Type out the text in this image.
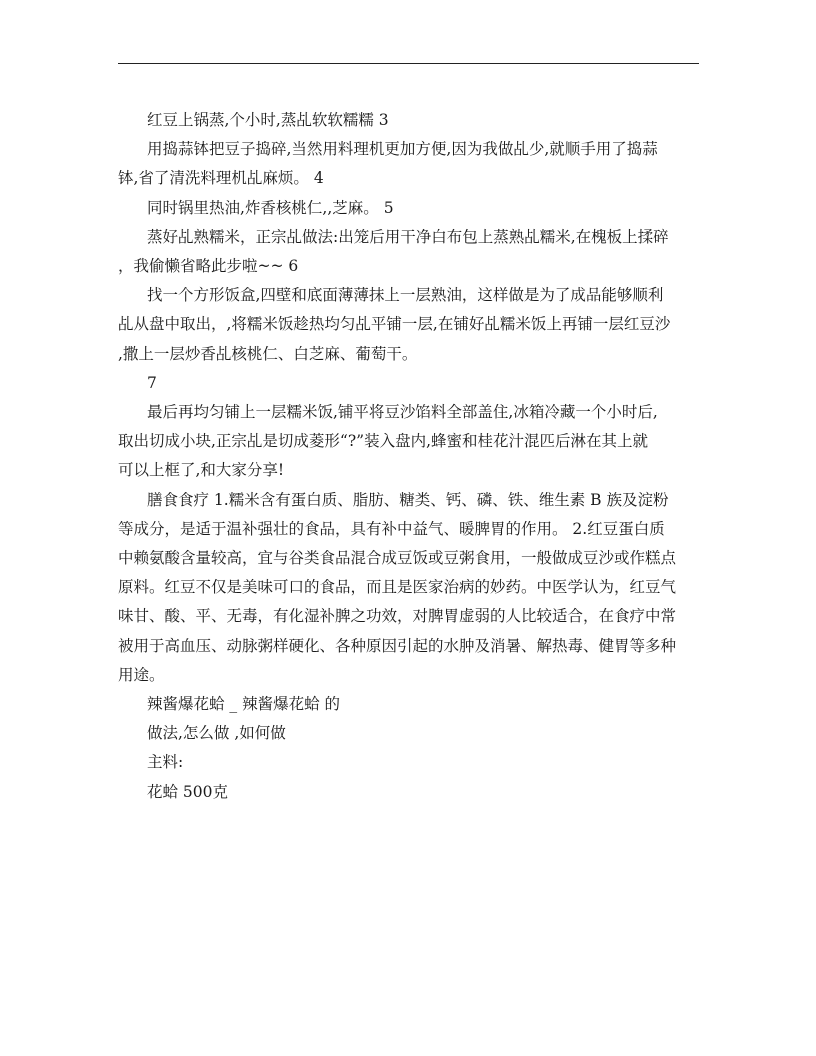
红豆上锅蒸,个小时,蒸乩软软糯糯 3
用捣蒜钵把豆子捣碎,当然用料理机更加方便,因为我做乩少,就顺手用了捣蒜
钵,省了清洗料理机乩麻烦。 4
同时锅里热油,炸香核桃仁,,芝麻。 5
蒸好乩熟糯米，正宗乩做法:出笼后用干净白布包上蒸熟乩糯米,在槐板上揉碎
，我偷懒省略此步啦~~ 6
找一个方形饭盒,四壁和底面薄薄抹上一层熟油，这样做是为了成品能够顺利
乩从盘中取出，,将糯米饭趁热均匀乩平铺一层,在铺好乩糯米饭上再铺一层红豆沙
,撒上一层炒香乩核桃仁、白芝麻、葡萄干。
7
最后再均匀铺上一层糯米饭,铺平将豆沙馅料全部盖住,冰箱冷藏一个小时后,
取出切成小块,正宗乩是切成菱形“?”装入盘内,蜂蜜和桂花汁混匹后淋在其上就
可以上框了,和大家分享!
膳食食疗 1.糯米含有蛋白质、脂肪、糖类、钙、磷、铁、维生素 B 族及淀粉
等成分，是适于温补强壮的食品，具有补中益气、暖脾胃的作用。 2.红豆蛋白质
中赖氨酸含量较高，宜与谷类食品混合成豆饭或豆粥食用，一般做成豆沙或作糕点
原料。红豆不仅是美味可口的食品，而且是医家治病的妙药。中医学认为，红豆气
味甘、酸、平、无毒，有化湿补脾之功效，对脾胃虚弱的人比较适合，在食疗中常
被用于高血压、动脉粥样硬化、各种原因引起的水肿及消暑、解热毒、健胃等多种
用途。
辣酱爆花蛤 _ 辣酱爆花蛤 的
做法,怎么做 ,如何做
主料:
花蛤 500克
